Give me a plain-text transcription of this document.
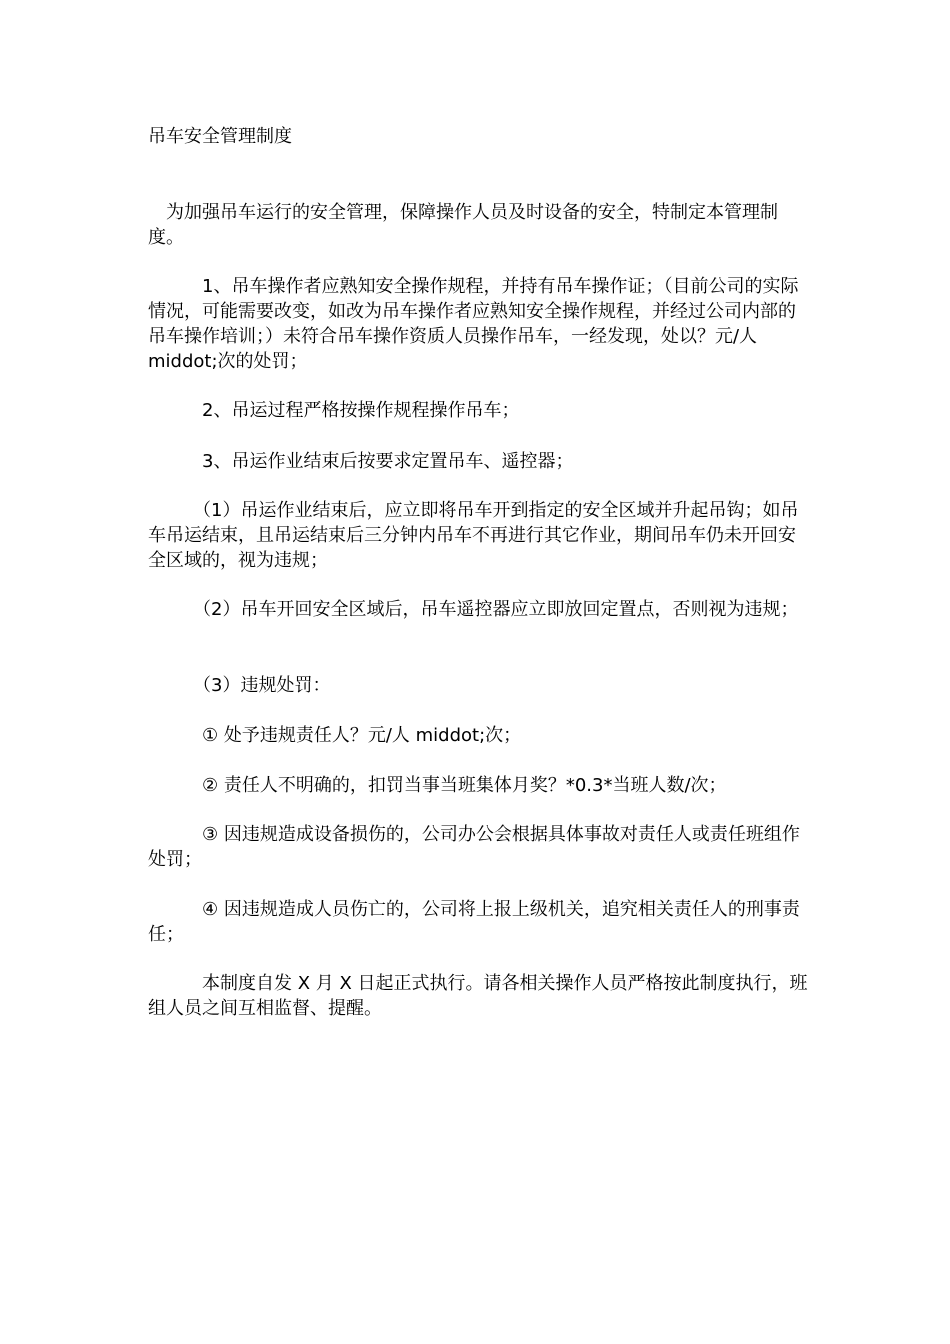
吊车安全管理制度

　　为加强吊车运行的安全管理，保障操作人员及时设备的安全，特制定本管理制度。

　　　1、吊车操作者应熟知安全操作规程，并持有吊车操作证；（目前公司的实际情况，可能需要改变，如改为吊车操作者应熟知安全操作规程，并经过公司内部的吊车操作培训；）未符合吊车操作资质人员操作吊车，一经发现，处以？元/人 middot;次的处罚；

　　　2、吊运过程严格按操作规程操作吊车；

　　　3、吊运作业结束后按要求定置吊车、遥控器；

　　　（1）吊运作业结束后，应立即将吊车开到指定的安全区域并升起吊钩；如吊车吊运结束，且吊运结束后三分钟内吊车不再进行其它作业，期间吊车仍未开回安全区域的，视为违规；

　　　（2）吊车开回安全区域后，吊车遥控器应立即放回定置点，否则视为违规；

　　　（3）违规处罚：

　　　① 处予违规责任人？元/人 middot;次；

　　　② 责任人不明确的，扣罚当事当班集体月奖？*0.3*当班人数/次；

　　　③ 因违规造成设备损伤的，公司办公会根据具体事故对责任人或责任班组作处罚；

　　　④ 因违规造成人员伤亡的，公司将上报上级机关，追究相关责任人的刑事责任；

　　　本制度自发 X 月 X 日起正式执行。请各相关操作人员严格按此制度执行，班组人员之间互相监督、提醒。
